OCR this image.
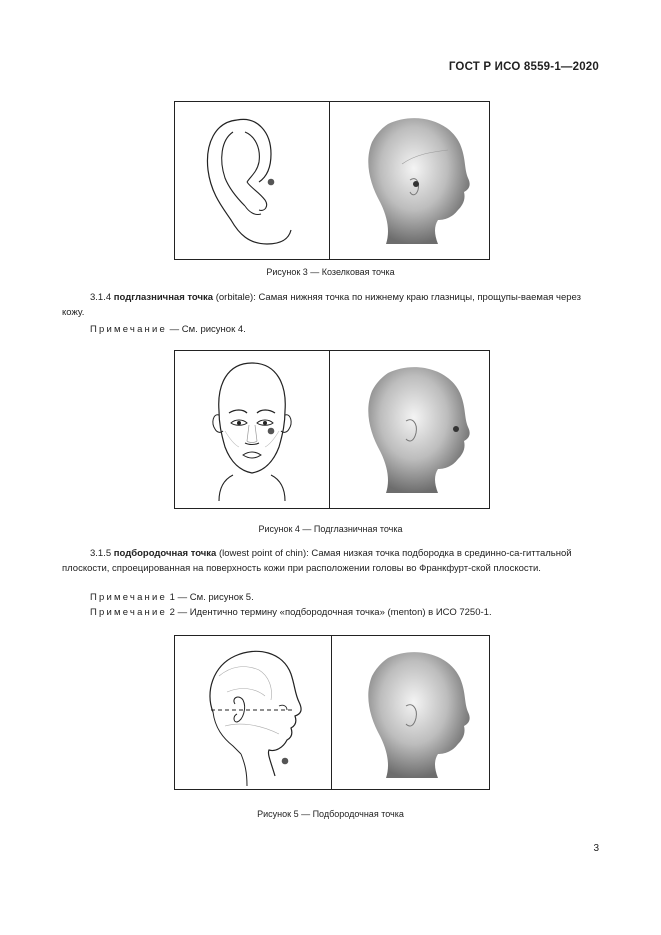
ГОСТ Р ИСО 8559-1—2020
Рисунок 3 — Козелковая точка
3.1.4 подглазничная точка (orbitale): Самая нижняя точка по нижнему краю глазницы, прощупы-ваемая через кожу.
Примечание — См. рисунок 4.
Рисунок 4 — Подглазничная точка
3.1.5 подбородочная точка (lowest point of chin): Самая низкая точка подбородка в срединно-са-гиттальной плоскости, спроецированная на поверхность кожи при расположении головы во Франкфурт-ской плоскости.
Примечание 1 — См. рисунок 5.
Примечание 2 — Идентично термину «подбородочная точка» (menton) в ИСО 7250-1.
Рисунок 5 — Подбородочная точка
3
